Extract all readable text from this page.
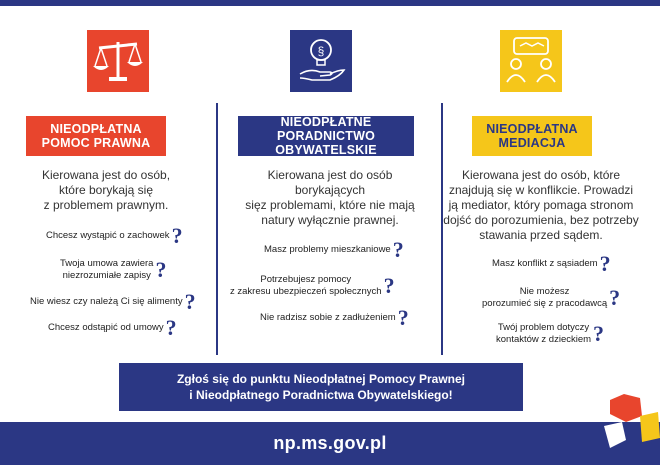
NIEODPŁATNA
POMOC PRAWNA
Kierowana jest do osób,
które borykają się
z problemem prawnym.
Chcesz wystąpić o zachowek ?
Twoja umowa zawiera
niezrozumiałe zapisy ?
Nie wiesz czy należą Ci się alimenty ?
Chcesz odstąpić od umowy ?
§
NIEODPŁATNE
PORADNICTWO OBYWATELSKIE
Kierowana jest do osób borykających
sięz problemami, które nie mają
natury wyłącznie prawnej.
Masz problemy mieszkaniowe ?
Potrzebujesz pomocy
z zakresu ubezpieczeń społecznych ?
Nie radzisz sobie z zadłużeniem ?
NIEODPŁATNA
MEDIACJA
Kierowana jest do osób, które
znajdują się w konflikcie. Prowadzi
ją mediator, który pomaga stronom
dojść do porozumienia, bez potrzeby
stawania przed sądem.
Masz konflikt z sąsiadem ?
Nie możesz
porozumieć się z pracodawcą ?
Twój problem dotyczy
kontaktów z dzieckiem ?
Zgłoś się do punktu Nieodpłatnej Pomocy Prawnej
i Nieodpłatnego Poradnictwa Obywatelskiego!
np.ms.gov.pl
